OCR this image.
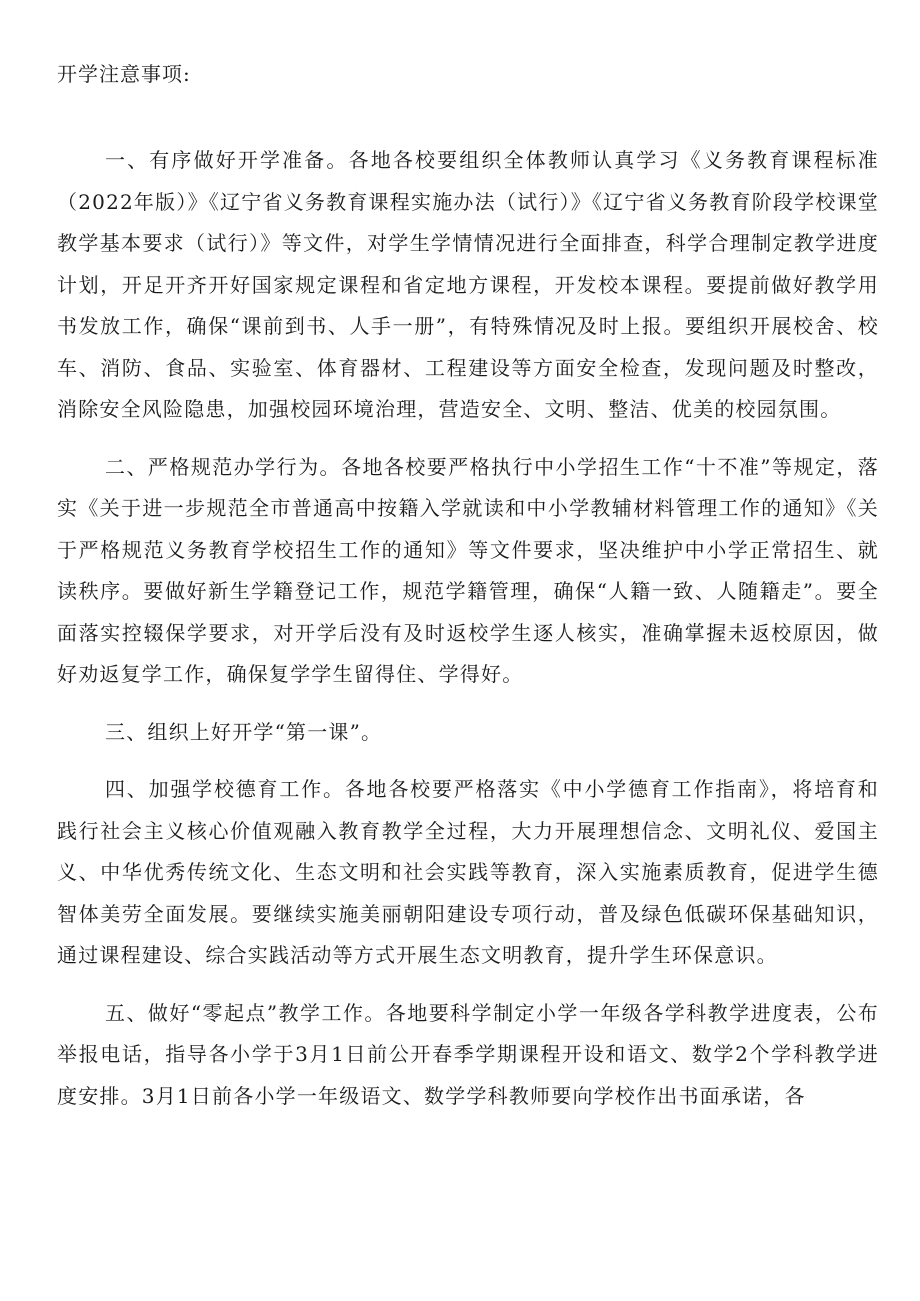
开学注意事项:

一、有序做好开学准备。各地各校要组织全体教师认真学习《义务教育课程标准（2022年版）》《辽宁省义务教育课程实施办法（试行）》《辽宁省义务教育阶段学校课堂教学基本要求（试行）》等文件，对学生学情情况进行全面排查，科学合理制定教学进度计划，开足开齐开好国家规定课程和省定地方课程，开发校本课程。要提前做好教学用书发放工作，确保“课前到书、人手一册”，有特殊情况及时上报。要组织开展校舍、校车、消防、食品、实验室、体育器材、工程建设等方面安全检查，发现问题及时整改，消除安全风险隐患，加强校园环境治理，营造安全、文明、整洁、优美的校园氛围。

二、严格规范办学行为。各地各校要严格执行中小学招生工作“十不准”等规定，落实《关于进一步规范全市普通高中按籍入学就读和中小学教辅材料管理工作的通知》《关于严格规范义务教育学校招生工作的通知》等文件要求，坚决维护中小学正常招生、就读秩序。要做好新生学籍登记工作，规范学籍管理，确保“人籍一致、人随籍走”。要全面落实控辍保学要求，对开学后没有及时返校学生逐人核实，准确掌握未返校原因，做好劝返复学工作，确保复学学生留得住、学得好。

三、组织上好开学“第一课”。

四、加强学校德育工作。各地各校要严格落实《中小学德育工作指南》，将培育和践行社会主义核心价值观融入教育教学全过程，大力开展理想信念、文明礼仪、爱国主义、中华优秀传统文化、生态文明和社会实践等教育，深入实施素质教育，促进学生德智体美劳全面发展。要继续实施美丽朝阳建设专项行动，普及绿色低碳环保基础知识，通过课程建设、综合实践活动等方式开展生态文明教育，提升学生环保意识。

五、做好“零起点”教学工作。各地要科学制定小学一年级各学科教学进度表，公布举报电话，指导各小学于3月1日前公开春季学期课程开设和语文、数学2个学科教学进度安排。3月1日前各小学一年级语文、数学学科教师要向学校作出书面承诺，各
